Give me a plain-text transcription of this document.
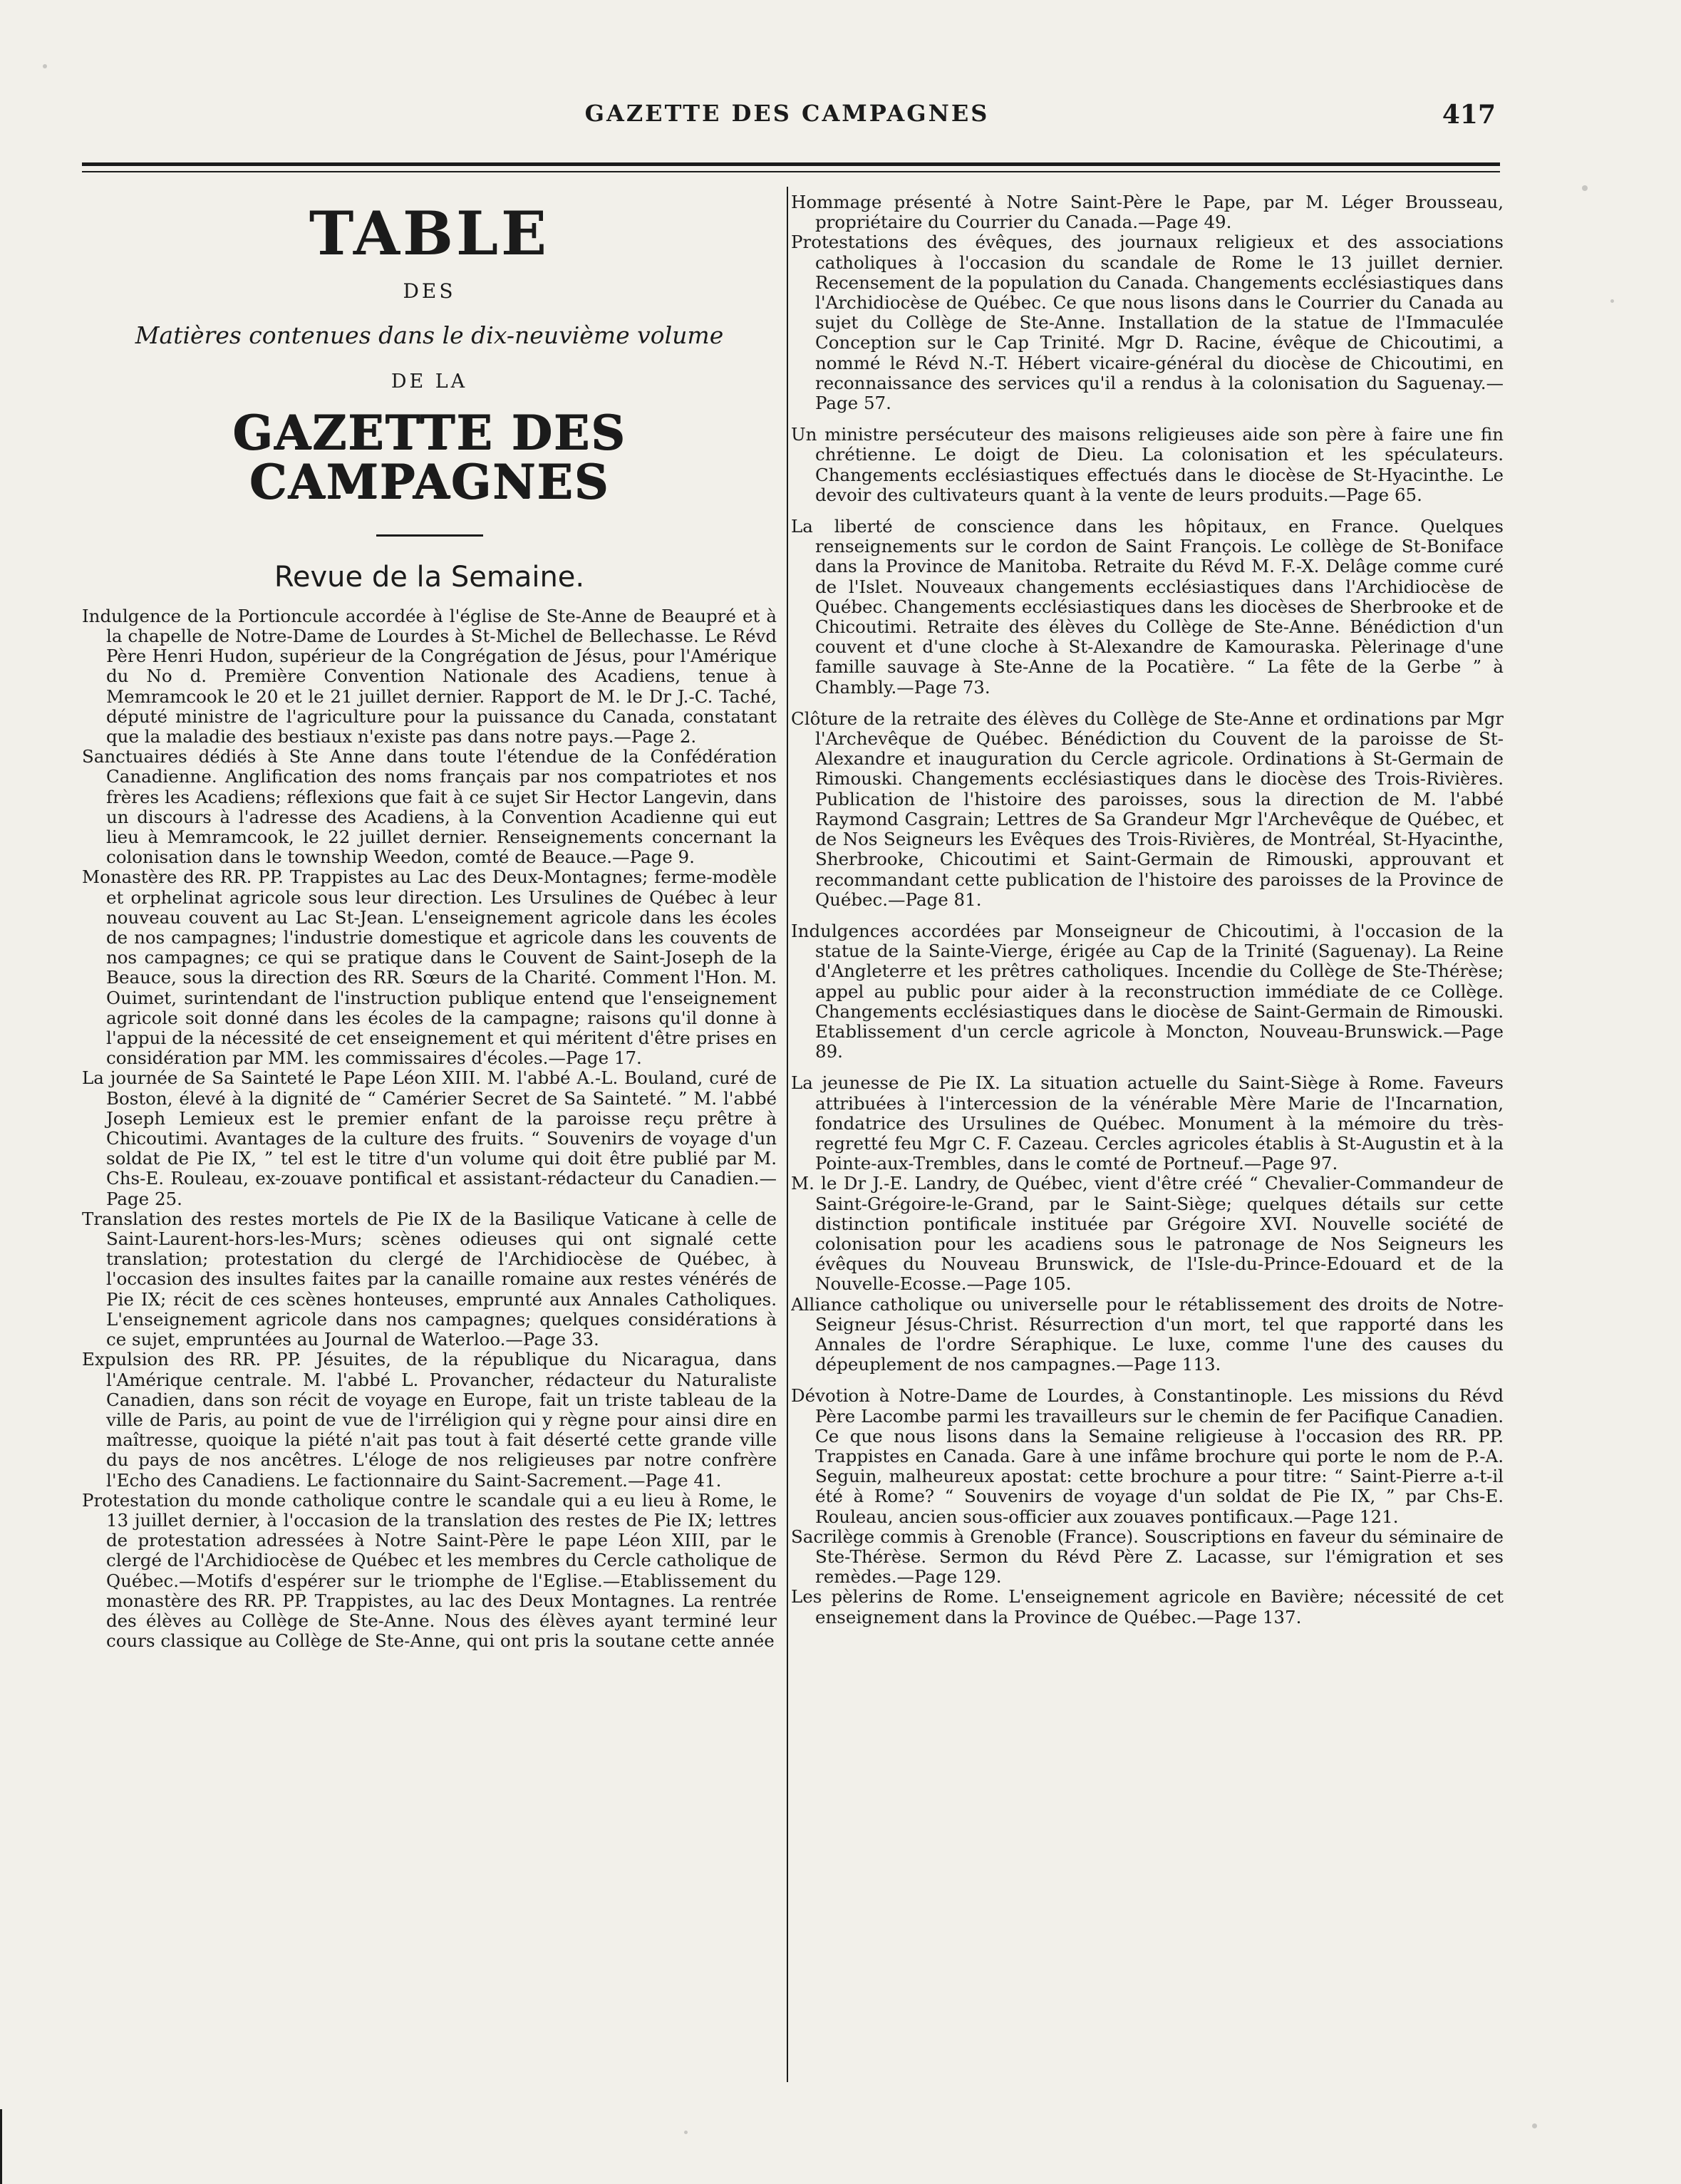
GAZETTE DES CAMPAGNES	417
TABLE
DES
Matières contenues dans le dix-neuvième volume
DE LA
GAZETTE DES CAMPAGNES
Revue de la Semaine.

Indulgence de la Portioncule accordée à l'église de Ste-Anne de Beaupré et à la chapelle de Notre-Dame de Lourdes à St-Michel de Bellechasse. Le Révd Père Henri Hudon, supérieur de la Congrégation de Jésus, pour l'Amérique du No d. Première Convention Nationale des Acadiens, tenue à Memramcook le 20 et le 21 juillet dernier. Rapport de M. le Dr J.-C. Taché, député ministre de l'agriculture pour la puissance du Canada, constatant que la maladie des bestiaux n'existe pas dans notre pays.—Page 2.

Sanctuaires dédiés à Ste Anne dans toute l'étendue de la Confédération Canadienne. Anglification des noms français par nos compatriotes et nos frères les Acadiens; réflexions que fait à ce sujet Sir Hector Langevin, dans un discours à l'adresse des Acadiens, à la Convention Acadienne qui eut lieu à Memramcook, le 22 juillet dernier. Renseignements concernant la colonisation dans le township Weedon, comté de Beauce.—Page 9.

Monastère des RR. PP. Trappistes au Lac des Deux-Montagnes; ferme-modèle et orphelinat agricole sous leur direction. Les Ursulines de Québec à leur nouveau couvent au Lac St-Jean. L'enseignement agricole dans les écoles de nos campagnes; l'industrie domestique et agricole dans les couvents de nos campagnes; ce qui se pratique dans le Couvent de Saint-Joseph de la Beauce, sous la direction des RR. Sœurs de la Charité. Comment l'Hon. M. Ouimet, surintendant de l'instruction publique entend que l'enseignement agricole soit donné dans les écoles de la campagne; raisons qu'il donne à l'appui de la nécessité de cet enseignement et qui méritent d'être prises en considération par MM. les commissaires d'écoles.—Page 17.

La journée de Sa Sainteté le Pape Léon XIII. M. l'abbé A.-L. Bouland, curé de Boston, élevé à la dignité de “ Camérier Secret de Sa Sainteté. ” M. l'abbé Joseph Lemieux est le premier enfant de la paroisse reçu prêtre à Chicoutimi. Avantages de la culture des fruits. “ Souvenirs de voyage d'un soldat de Pie IX, ” tel est le titre d'un volume qui doit être publié par M. Chs-E. Rouleau, ex-zouave pontifical et assistant-rédacteur du Canadien.—Page 25.

Translation des restes mortels de Pie IX de la Basilique Vaticane à celle de Saint-Laurent-hors-les-Murs; scènes odieuses qui ont signalé cette translation; protestation du clergé de l'Archidiocèse de Québec, à l'occasion des insultes faites par la canaille romaine aux restes vénérés de Pie IX; récit de ces scènes honteuses, emprunté aux Annales Catholiques. L'enseignement agricole dans nos campagnes; quelques considérations à ce sujet, empruntées au Journal de Waterloo.—Page 33.

Expulsion des RR. PP. Jésuites, de la république du Nicaragua, dans l'Amérique centrale. M. l'abbé L. Provancher, rédacteur du Naturaliste Canadien, dans son récit de voyage en Europe, fait un triste tableau de la ville de Paris, au point de vue de l'irréligion qui y règne pour ainsi dire en maîtresse, quoique la piété n'ait pas tout à fait déserté cette grande ville du pays de nos ancêtres. L'éloge de nos religieuses par notre confrère l'Echo des Canadiens. Le factionnaire du Saint-Sacrement.—Page 41.

Protestation du monde catholique contre le scandale qui a eu lieu à Rome, le 13 juillet dernier, à l'occasion de la translation des restes de Pie IX; lettres de protestation adressées à Notre Saint-Père le pape Léon XIII, par le clergé de l'Archidiocèse de Québec et les membres du Cercle catholique de Québec.—Motifs d'espérer sur le triomphe de l'Eglise.—Etablissement du monastère des RR. PP. Trappistes, au lac des Deux Montagnes. La rentrée des élèves au Collège de Ste-Anne. Nous des élèves ayant terminé leur cours classique au Collège de Ste-Anne, qui ont pris la soutane cette année

Hommage présenté à Notre Saint-Père le Pape, par M. Léger Brousseau, propriétaire du Courrier du Canada.—Page 49.

Protestations des évêques, des journaux religieux et des associations catholiques à l'occasion du scandale de Rome le 13 juillet dernier. Recensement de la population du Canada. Changements ecclésiastiques dans l'Archidiocèse de Québec. Ce que nous lisons dans le Courrier du Canada au sujet du Collège de Ste-Anne. Installation de la statue de l'Immaculée Conception sur le Cap Trinité. Mgr D. Racine, évêque de Chicoutimi, a nommé le Révd N.-T. Hébert vicaire-général du diocèse de Chicoutimi, en reconnaissance des services qu'il a rendus à la colonisation du Saguenay.—Page 57.

Un ministre persécuteur des maisons religieuses aide son père à faire une fin chrétienne. Le doigt de Dieu. La colonisation et les spéculateurs. Changements ecclésiastiques effectués dans le diocèse de St-Hyacinthe. Le devoir des cultivateurs quant à la vente de leurs produits.—Page 65.

La liberté de conscience dans les hôpitaux, en France. Quelques renseignements sur le cordon de Saint François. Le collège de St-Boniface dans la Province de Manitoba. Retraite du Révd M. F.-X. Delâge comme curé de l'Islet. Nouveaux changements ecclésiastiques dans l'Archidiocèse de Québec. Changements ecclésiastiques dans les diocèses de Sherbrooke et de Chicoutimi. Retraite des élèves du Collège de Ste-Anne. Bénédiction d'un couvent et d'une cloche à St-Alexandre de Kamouraska. Pèlerinage d'une famille sauvage à Ste-Anne de la Pocatière. “ La fête de la Gerbe ” à Chambly.—Page 73.

Clôture de la retraite des élèves du Collège de Ste-Anne et ordinations par Mgr l'Archevêque de Québec. Bénédiction du Couvent de la paroisse de St-Alexandre et inauguration du Cercle agricole. Ordinations à St-Germain de Rimouski. Changements ecclésiastiques dans le diocèse des Trois-Rivières. Publication de l'histoire des paroisses, sous la direction de M. l'abbé Raymond Casgrain; Lettres de Sa Grandeur Mgr l'Archevêque de Québec, et de Nos Seigneurs les Evêques des Trois-Rivières, de Montréal, St-Hyacinthe, Sherbrooke, Chicoutimi et Saint-Germain de Rimouski, approuvant et recommandant cette publication de l'histoire des paroisses de la Province de Québec.—Page 81.

Indulgences accordées par Monseigneur de Chicoutimi, à l'occasion de la statue de la Sainte-Vierge, érigée au Cap de la Trinité (Saguenay). La Reine d'Angleterre et les prêtres catholiques. Incendie du Collège de Ste-Thérèse; appel au public pour aider à la reconstruction immédiate de ce Collège. Changements ecclésiastiques dans le diocèse de Saint-Germain de Rimouski. Etablissement d'un cercle agricole à Moncton, Nouveau-Brunswick.—Page 89.

La jeunesse de Pie IX. La situation actuelle du Saint-Siège à Rome. Faveurs attribuées à l'intercession de la vénérable Mère Marie de l'Incarnation, fondatrice des Ursulines de Québec. Monument à la mémoire du très-regretté feu Mgr C. F. Cazeau. Cercles agricoles établis à St-Augustin et à la Pointe-aux-Trembles, dans le comté de Portneuf.—Page 97.

M. le Dr J.-E. Landry, de Québec, vient d'être créé “ Chevalier-Commandeur de Saint-Grégoire-le-Grand, par le Saint-Siège; quelques détails sur cette distinction pontificale instituée par Grégoire XVI. Nouvelle société de colonisation pour les acadiens sous le patronage de Nos Seigneurs les évêques du Nouveau Brunswick, de l'Isle-du-Prince-Edouard et de la Nouvelle-Ecosse.—Page 105.

Alliance catholique ou universelle pour le rétablissement des droits de Notre-Seigneur Jésus-Christ. Résurrection d'un mort, tel que rapporté dans les Annales de l'ordre Séraphique. Le luxe, comme l'une des causes du dépeuplement de nos campagnes.—Page 113.

Dévotion à Notre-Dame de Lourdes, à Constantinople. Les missions du Révd Père Lacombe parmi les travailleurs sur le chemin de fer Pacifique Canadien. Ce que nous lisons dans la Semaine religieuse à l'occasion des RR. PP. Trappistes en Canada. Gare à une infâme brochure qui porte le nom de P.-A. Seguin, malheureux apostat: cette brochure a pour titre: “ Saint-Pierre a-t-il été à Rome? “ Souvenirs de voyage d'un soldat de Pie IX, ” par Chs-E. Rouleau, ancien sous-officier aux zouaves pontificaux.—Page 121.

Sacrilège commis à Grenoble (France). Souscriptions en faveur du séminaire de Ste-Thérèse. Sermon du Révd Père Z. Lacasse, sur l'émigration et ses remèdes.—Page 129.

Les pèlerins de Rome. L'enseignement agricole en Bavière; nécessité de cet enseignement dans la Province de Québec.—Page 137.
